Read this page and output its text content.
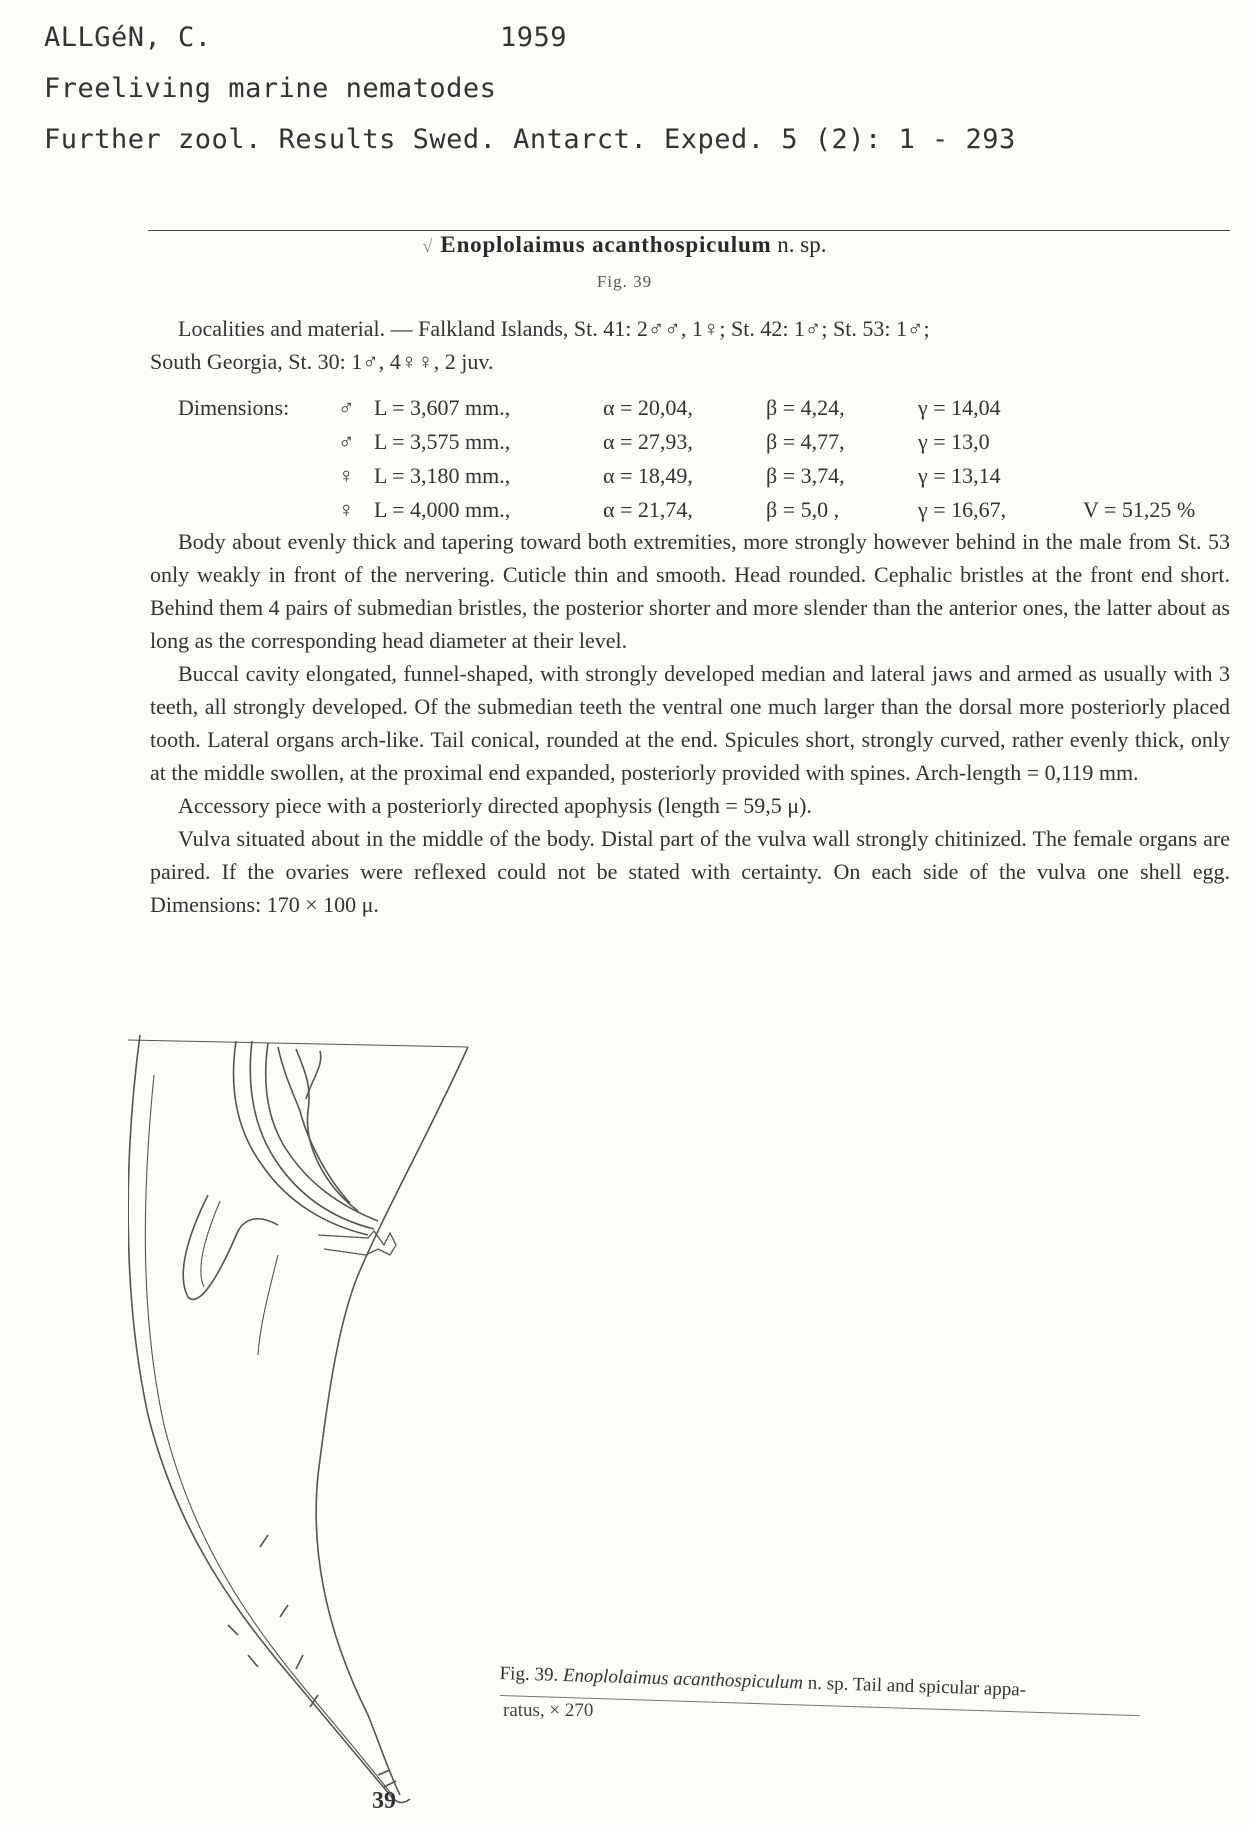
ALLGéN, C.	1959
Freeliving marine nematodes
Further zool. Results Swed. Antarct. Exped. 5 (2): 1 - 293
√ Enoplolaimus acanthospiculum n. sp.
Fig. 39

Localities and material. — Falkland Islands, St. 41: 2♂♂, 1♀; St. 42: 1♂; St. 53: 1♂;

South Georgia, St. 30: 1♂, 4♀♀, 2 juv.

Dimensions: ♂ L = 3,607 mm.,	α = 20,04,	β = 4,24,	γ = 14,04
♂ L = 3,575 mm.,	α = 27,93,	β = 4,77,	γ = 13,0
♀ L = 3,180 mm.,	α = 18,49,	β = 3,74,	γ = 13,14
♀ L = 4,000 mm.,	α = 21,74,	β = 5,0 ,	γ = 16,67,	V = 51,25 %

Body about evenly thick and tapering toward both extremities, more strongly however behind in the male from St. 53 only weakly in front of the nervering. Cuticle thin and smooth. Head rounded. Cephalic bristles at the front end short. Behind them 4 pairs of submedian bristles, the posterior shorter and more slender than the anterior ones, the latter about as long as the corresponding head diameter at their level.

Buccal cavity elongated, funnel-shaped, with strongly developed median and lateral jaws and armed as usually with 3 teeth, all strongly developed. Of the submedian teeth the ventral one much larger than the dorsal more posteriorly placed tooth. Lateral organs arch-like. Tail conical, rounded at the end. Spicules short, strongly curved, rather evenly thick, only at the middle swollen, at the proximal end expanded, posteriorly provided with spines. Arch-length = 0,119 mm.

Accessory piece with a posteriorly directed apophysis (length = 59,5 μ).

Vulva situated about in the middle of the body. Distal part of the vulva wall strongly chitinized. The female organs are paired. If the ovaries were reflexed could not be stated with certainty. On each side of the vulva one shell egg. Dimensions: 170 × 100 μ.

Fig. 39. Enoplolaimus acanthospiculum n. sp. Tail and spicular appa-
ratus, × 270
39
